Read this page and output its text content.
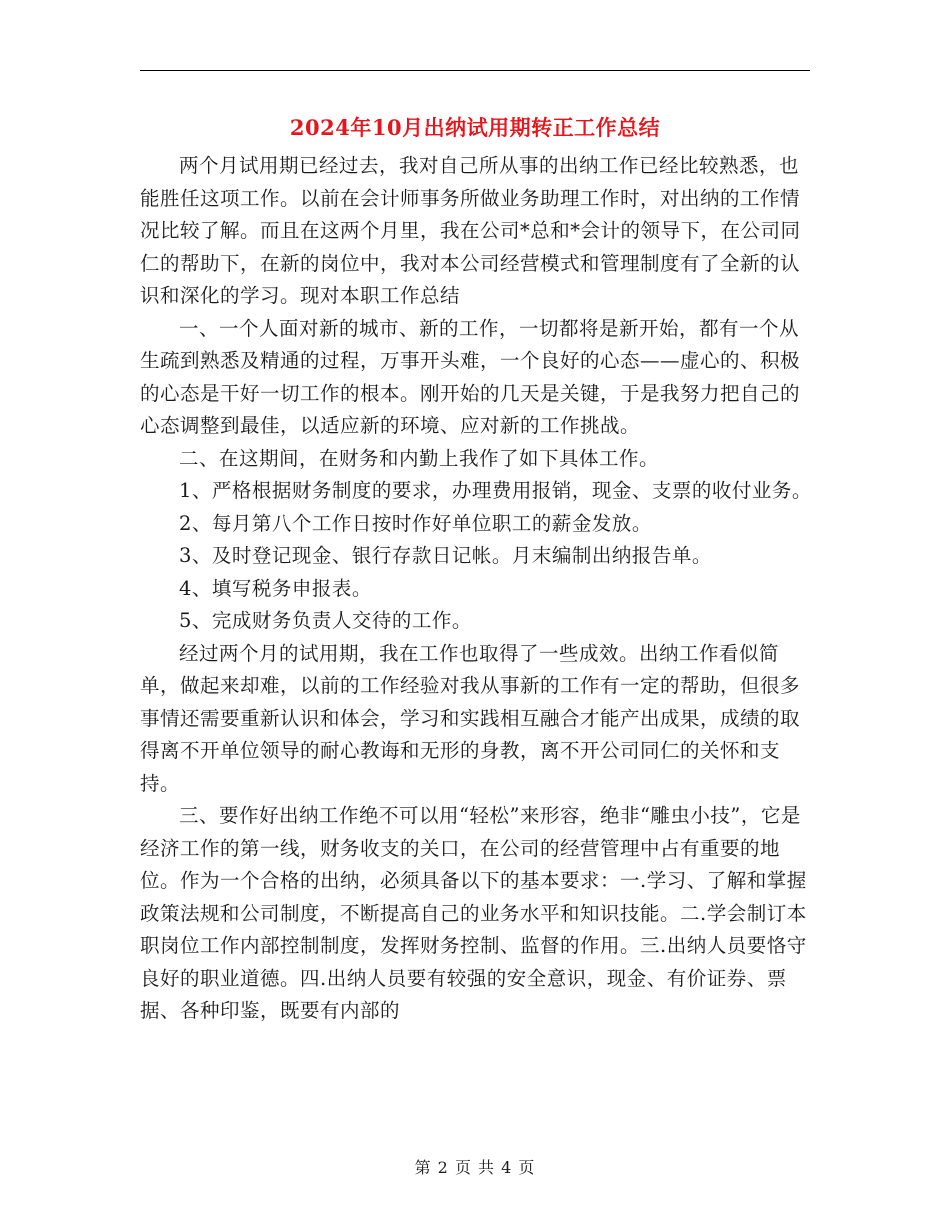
2024年10月出纳试用期转正工作总结

两个月试用期已经过去，我对自己所从事的出纳工作已经比较熟悉，也能胜任这项工作。以前在会计师事务所做业务助理工作时，对出纳的工作情况比较了解。而且在这两个月里，我在公司*总和*会计的领导下，在公司同仁的帮助下，在新的岗位中，我对本公司经营模式和管理制度有了全新的认识和深化的学习。现对本职工作总结

一、一个人面对新的城市、新的工作，一切都将是新开始，都有一个从生疏到熟悉及精通的过程，万事开头难，一个良好的心态——虚心的、积极的心态是干好一切工作的根本。刚开始的几天是关键，于是我努力把自己的心态调整到最佳，以适应新的环境、应对新的工作挑战。

二、在这期间，在财务和内勤上我作了如下具体工作。

1、严格根据财务制度的要求，办理费用报销，现金、支票的收付业务。

2、每月第八个工作日按时作好单位职工的薪金发放。

3、及时登记现金、银行存款日记帐。月末编制出纳报告单。

4、填写税务申报表。

5、完成财务负责人交待的工作。

经过两个月的试用期，我在工作也取得了一些成效。出纳工作看似简单，做起来却难，以前的工作经验对我从事新的工作有一定的帮助，但很多事情还需要重新认识和体会，学习和实践相互融合才能产出成果，成绩的取得离不开单位领导的耐心教诲和无形的身教，离不开公司同仁的关怀和支持。

三、要作好出纳工作绝不可以用“轻松”来形容，绝非“雕虫小技”，它是经济工作的第一线，财务收支的关口，在公司的经营管理中占有重要的地位。作为一个合格的出纳，必须具备以下的基本要求：一.学习、了解和掌握政策法规和公司制度，不断提高自己的业务水平和知识技能。二.学会制订本职岗位工作内部控制制度，发挥财务控制、监督的作用。三.出纳人员要恪守良好的职业道德。四.出纳人员要有较强的安全意识，现金、有价证券、票据、各种印鉴，既要有内部的

第 2 页 共 4 页
